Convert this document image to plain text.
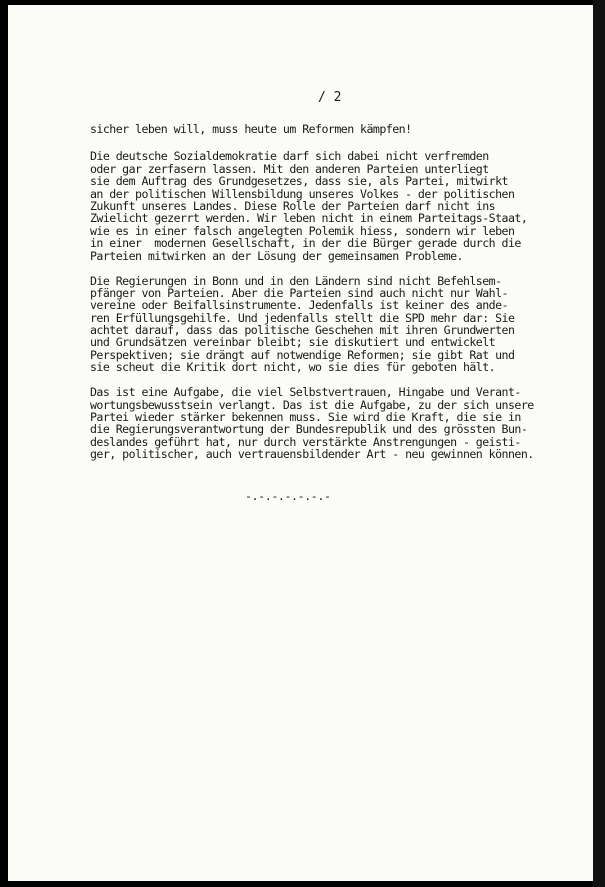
/ 2
sicher leben will, muss heute um Reformen kämpfen!
Die deutsche Sozialdemokratie darf sich dabei nicht verfremden
oder gar zerfasern lassen. Mit den anderen Parteien unterliegt
sie dem Auftrag des Grundgesetzes, dass sie, als Partei, mitwirkt
an der politischen Willensbildung unseres Volkes - der politischen
Zukunft unseres Landes. Diese Rolle der Parteien darf nicht ins
Zwielicht gezerrt werden. Wir leben nicht in einem Parteitags-Staat,
wie es in einer falsch angelegten Polemik hiess, sondern wir leben
in einer  modernen Gesellschaft, in der die Bürger gerade durch die
Parteien mitwirken an der Lösung der gemeinsamen Probleme.
Die Regierungen in Bonn und in den Ländern sind nicht Befehlsem-
pfänger von Parteien. Aber die Parteien sind auch nicht nur Wahl-
vereine oder Beifallsinstrumente. Jedenfalls ist keiner des ande-
ren Erfüllungsgehilfe. Und jedenfalls stellt die SPD mehr dar: Sie
achtet darauf, dass das politische Geschehen mit ihren Grundwerten
und Grundsätzen vereinbar bleibt; sie diskutiert und entwickelt
Perspektiven; sie drängt auf notwendige Reformen; sie gibt Rat und
sie scheut die Kritik dort nicht, wo sie dies für geboten hält.
Das ist eine Aufgabe, die viel Selbstvertrauen, Hingabe und Verant-
wortungsbewusstsein verlangt. Das ist die Aufgabe, zu der sich unsere
Partei wieder stärker bekennen muss. Sie wird die Kraft, die sie in
die Regierungsverantwortung der Bundesrepublik und des grössten Bun-
deslandes geführt hat, nur durch verstärkte Anstrengungen - geisti-
ger, politischer, auch vertrauensbildender Art - neu gewinnen können.
-.-.-.-.-.-.-
